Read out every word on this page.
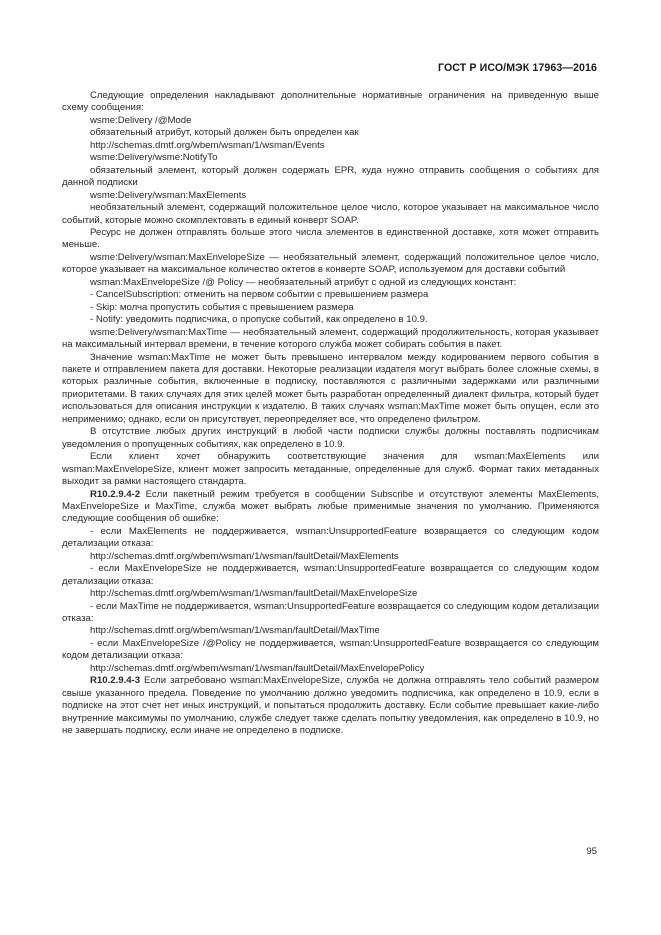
ГОСТ Р ИСО/МЭК 17963—2016

Следующие определения накладывают дополнительные нормативные ограничения на приведенную выше схему сообщения:

wsme:Delivery /@Mode

обязательный атрибут, который должен быть определен как

http://schemas.dmtf.org/wbem/wsman/1/wsman/Events

wsme:Delivery/wsme:NotifyTo

обязательный элемент, который должен содержать EPR, куда нужно отправить сообщения о событиях для данной подписки

wsme:Delivery/wsman:MaxElements

необязательный элемент, содержащий положительное целое число, которое указывает на максимальное число событий, которые можно скомплектовать в единый конверт SOAP.

Ресурс не должен отправлять больше этого числа элементов в единственной доставке, хотя может отправить меньше.

wsme:Delivery/wsman:MaxEnvelopeSize — необязательный элемент, содержащий положительное целое число, которое указывает на максимальное количество октетов в конверте SOAP, используемом для доставки событий

wsman:MaxEnvelopeSize /@ Policy — необязательный атрибут с одной из следующих констант:

- CancelSubscription: отменить на первом событии с превышением размера

- Skip: молча пропустить события с превышением размера

- Notify: уведомить подписчика, о пропуске событий, как определено в 10.9.

wsme:Delivery/wsman:MaxTime — необязательный элемент, содержащий продолжительность, которая указывает на максимальный интервал времени, в течение которого служба может собирать события в пакет.

Значение wsman:MaxTime не может быть превышено интервалом между кодированием первого события в пакете и отправлением пакета для доставки. Некоторые реализации издателя могут выбрать более сложные схемы, в которых различные события, включенные в подписку, поставляются с различными задержками или различными приоритетами. В таких случаях для этих целей может быть разработан определенный диалект фильтра, который будет использоваться для описания инструкции к издателю. В таких случаях wsman:MaxTime может быть опущен, если это неприменимо; однако, если он присутствует, переопределяет все, что определено фильтром.

В отсутствие любых других инструкций в любой части подписки службы должны поставлять подписчикам уведомления о пропущенных событиях, как определено в 10.9.

Если клиент хочет обнаружить соответствующие значения для wsman:MaxElements или wsman:MaxEnvelopeSize, клиент может запросить метаданные, определенные для служб. Формат таких метаданных выходит за рамки настоящего стандарта.

R10.2.9.4-2 Если пакетный режим требуется в сообщении Subscribe и отсутствуют элементы MaxElements, MaxEnvelopeSize и MaxTime, служба может выбрать любые применимые значения по умолчанию. Применяются следующие сообщения об ошибке:

- если MaxElements не поддерживается, wsman:UnsupportedFeature возвращается со следующим кодом детализации отказа:

http://schemas.dmtf.org/wbem/wsman/1/wsman/faultDetail/MaxElements

- если MaxEnvelopeSize не поддерживается, wsman:UnsupportedFeature возвращается со следующим кодом детализации отказа:

http://schemas.dmtf.org/wbem/wsman/1/wsman/faultDetail/MaxEnvelopeSize

- если MaxTime не поддерживается, wsman:UnsupportedFeature возвращается со следующим кодом детализации отказа:

http://schemas.dmtf.org/wbem/wsman/1/wsman/faultDetail/MaxTime

- если MaxEnvelopeSize /@Policy не поддерживается, wsman:UnsupportedFeature возвращается со следующим кодом детализации отказа:

http://schemas.dmtf.org/wbem/wsman/1/wsman/faultDetail/MaxEnvelopePolicy

R10.2.9.4-3 Если затребовано wsman:MaxEnvelopeSize, служба не должна отправлять тело событий размером свыше указанного предела. Поведение по умолчанию должно уведомить подписчика, как определено в 10.9, если в подписке на этот счет нет иных инструкций, и попытаться продолжить доставку. Если событие превышает какие-либо внутренние максимумы по умолчанию, службе следует также сделать попытку уведомления, как определено в 10.9, но не завершать подписку, если иначе не определено в подписке.

95
